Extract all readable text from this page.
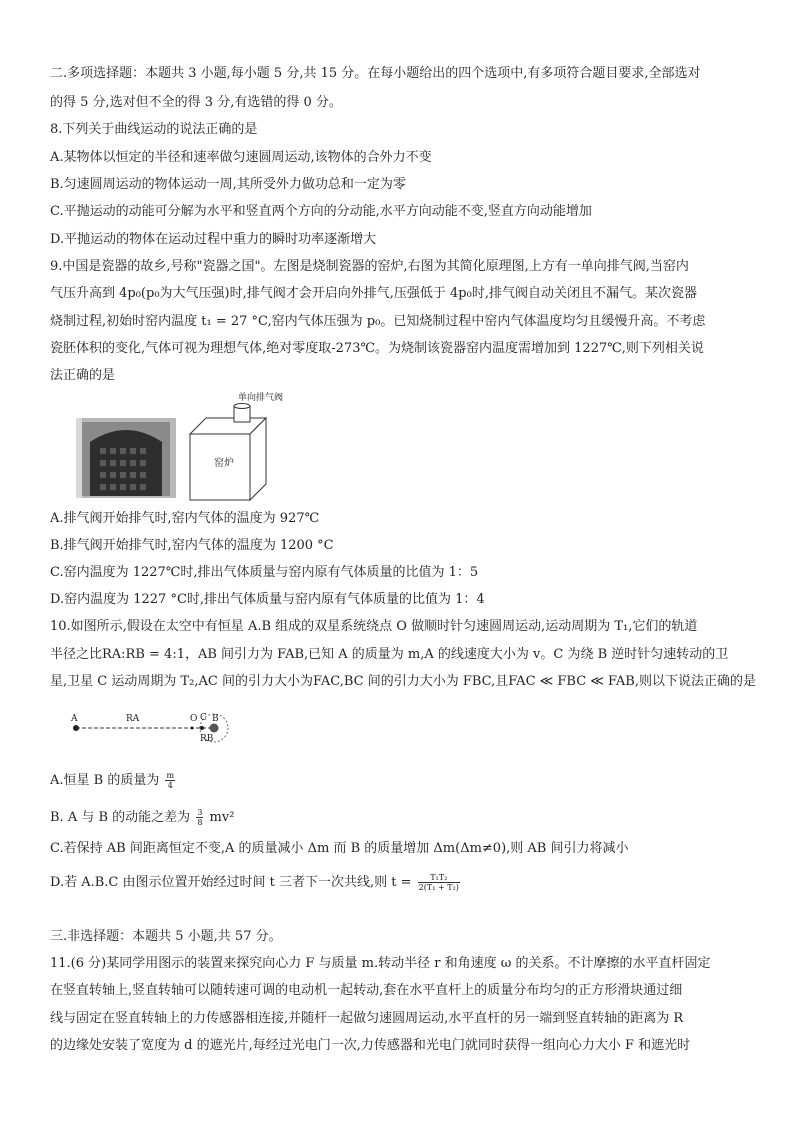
二.多项选择题：本题共 3 小题,每小题 5 分,共 15 分。在每小题给出的四个选项中,有多项符合题目要求,全部选对
的得 5 分,选对但不全的得 3 分,有选错的得 0 分。
8.下列关于曲线运动的说法正确的是
A.某物体以恒定的半径和速率做匀速圆周运动,该物体的合外力不变
B.匀速圆周运动的物体运动一周,其所受外力做功总和一定为零
C.平抛运动的动能可分解为水平和竖直两个方向的分动能,水平方向动能不变,竖直方向动能增加
D.平抛运动的物体在运动过程中重力的瞬时功率逐渐增大
9.中国是瓷器的故乡,号称"瓷器之国"。左图是烧制瓷器的窑炉,右图为其简化原理图,上方有一单向排气阀,当窑内
气压升高到 4p₀(p₀为大气压强)时,排气阀才会开启向外排气,压强低于 4p₀时,排气阀自动关闭且不漏气。某次瓷器
烧制过程,初始时窑内温度 t₁ = 27 °C,窑内气体压强为 p₀。已知烧制过程中窑内气体温度均匀且缓慢升高。不考虑
瓷胚体积的变化,气体可视为理想气体,绝对零度取-273℃。为烧制该瓷器窑内温度需增加到 1227℃,则下列相关说
法正确的是
单向排气阀
窑炉
A.排气阀开始排气时,窑内气体的温度为 927℃
B.排气阀开始排气时,窑内气体的温度为 1200 °C
C.窑内温度为 1227℃时,排出气体质量与窑内原有气体质量的比值为 1：5
D.窑内温度为 1227 °C时,排出气体质量与窑内原有气体质量的比值为 1：4
10.如图所示,假设在太空中有恒星 A.B 组成的双星系统绕点 O 做顺时针匀速圆周运动,运动周期为 T₁,它们的轨道
半径之比RA:RB = 4:1，AB 间引力为 FAB,已知 A 的质量为 m,A 的线速度大小为 v。C 为绕 B 逆时针匀速转动的卫
星,卫星 C 运动周期为 T₂,AC 间的引力大小为FAC,BC 间的引力大小为 FBC,且FAC ≪ FBC ≪ FAB,则以下说法正确的是
A	RA	O C B
RB
A.恒星 B 的质量为 $\frac{m}{4}$
B. A 与 B 的动能之差为 $\frac{3}{8} mv^2$
C.若保持 AB 间距离恒定不变,A 的质量减小 Δm 而 B 的质量增加 Δm(Δm≠0),则 AB 间引力将减小
D.若 A.B.C 由图示位置开始经过时间 t 三者下一次共线,则 $t = \frac{\text{T₁T₂}}{\text{2(T₁ + T₂)}}$
三.非选择题：本题共 5 小题,共 57 分。
11.(6 分)某同学用图示的装置来探究向心力 F 与质量 m.转动半径 r 和角速度 ω 的关系。不计摩擦的水平直杆固定
在竖直转轴上,竖直转轴可以随转速可调的电动机一起转动,套在水平直杆上的质量分布均匀的正方形滑块通过细
线与固定在竖直转轴上的力传感器相连接,并随杆一起做匀速圆周运动,水平直杆的另一端到竖直转轴的距离为 R
的边缘处安装了宽度为 d 的遮光片,每经过光电门一次,力传感器和光电门就同时获得一组向心力大小 F 和遮光时
